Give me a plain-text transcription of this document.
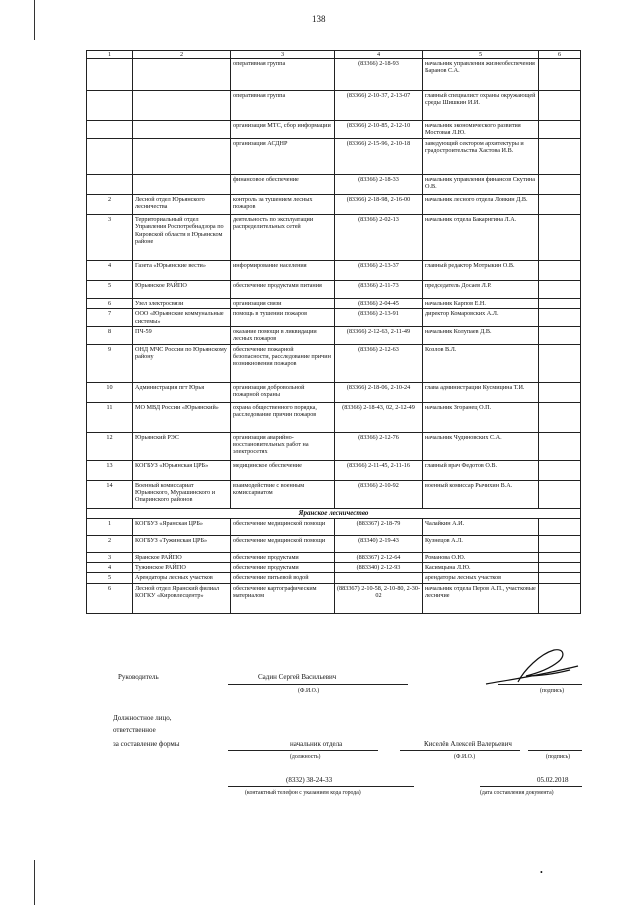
138
1	2	3	4	5	6
		оперативная группа	(83366) 2-18-93	начальник управления жизнеобеспечения Баранов С.А.	
		оперативная группа	(83366) 2-10-37, 2-13-07	главный специалист охраны окружающей среды Шишкин И.И.	
		организация МТС, сбор информации	(83366) 2-10-85, 2-12-10	начальник экономического развития Мостовая Л.Ю.	
		организация АСДНР	(83366) 2-15-96, 2-10-18	заведующий сектором архитектуры и градостроительства Хастова И.В.	
		финансовое обеспечение	(83366) 2-18-33	начальник управления финансов Скутина О.В.	
2	Лесной отдел Юрьянского лесничества	контроль за тушением лесных пожаров	(83366) 2-18-98, 2-16-00	начальник лесного отдела Ловкин Д.В.	
3	Территориальный отдел Управления Роспотребнадзора по Кировской области в Юрьянском районе	деятельность по эксплуатации распределительных сетей	(83366) 2-02-13	начальник отдела Бакарнгина Л.А.	
4	Газета «Юрьянские вести»	информирование населения	(83366) 2-13-37	главный редактор Мотрыкин О.В.	
5	Юрьянское РАЙПО	обеспечение продуктами питания	(83366) 2-11-73	председатель Досаев Л.Р.	
6	Узел электросвязи	организация связи	(83366) 2-04-45	начальник Карпов Е.Н.	
7	ООО «Юрьянские коммунальные системы»	помощь в тушении пожаров	(83366) 2-13-91	директор Комаровских А.Л.	
8	ПЧ-59	оказание помощи в ликвидации лесных пожаров	(83366) 2-12-63, 2-11-49	начальник Колупаев Д.В.	
9	ОНД МЧС России по Юрьянскому району	обеспечение пожарной безопасности, расследование причин возникновения пожаров	(83366) 2-12-63	Козлов В.Л.	
10	Администрация пгт Юрья	организация добровольной пожарной охраны	(83366) 2-18-06, 2-10-24	глава администрации Кусмицина Т.И.	
11	МО МВД России «Юрьянский»	охрана общественного порядка, расследование причин пожаров	(83366) 2-18-43, 02, 2-12-49	начальник Згоранец О.П.	
12	Юрьянский РЭС	организация аварийно-восстановительных работ на электросетях	(83366) 2-12-76	начальник Чудиновских С.А.	
13	КОГБУЗ «Юрьянская ЦРБ»	медицинское обеспечение	(83366) 2-11-45, 2-11-16	главный врач Федотов О.В.	
14	Военный комиссариат Юрьянского, Мурашинского и Опаринского районов	взаимодействие с военным комиссариатом	(83366) 2-10-92	военный комиссар Рычихин В.А.	
Яранское лесничество					
1	КОГБУЗ «Яранская ЦРБ»	обеспечение медицинской помощи	(883367) 2-18-79	Чалайкин А.И.	
2	КОГБУЗ «Тужинская ЦРБ»	обеспечение медицинской помощи	(83340) 2-19-43	Кузнецов А.Л.	
3	Яранское РАЙПО	обеспечение продуктами	(883367) 2-12-64	Романова О.Ю.	
4	Тужинское РАЙПО	обеспечение продуктами	(883340) 2-12-93	Касимцына Л.Ю.	
5	Арендаторы лесных участков	обеспечение питьевой водой		арендаторы лесных участков	
6	Лесной отдел Яранский филиал КОГКУ «Кировлесцентр»	обеспечение картографическим материалом	(883367) 2-10-58, 2-10-80, 2-30-02	начальник отдела Перов А.П., участковые лесничие	
Руководитель	Садин Сергей Васильевич
(Ф.И.О.)	(подпись)
Должностное лицо,
ответственное
за составление формы	начальник отдела	Киселёв Алексей Валерьевич
(должность)	(Ф.И.О.)	(подпись)
(8332) 38-24-33	05.02.2018
(контактный телефон с указанием кода города)	(дата составления документа)
•
